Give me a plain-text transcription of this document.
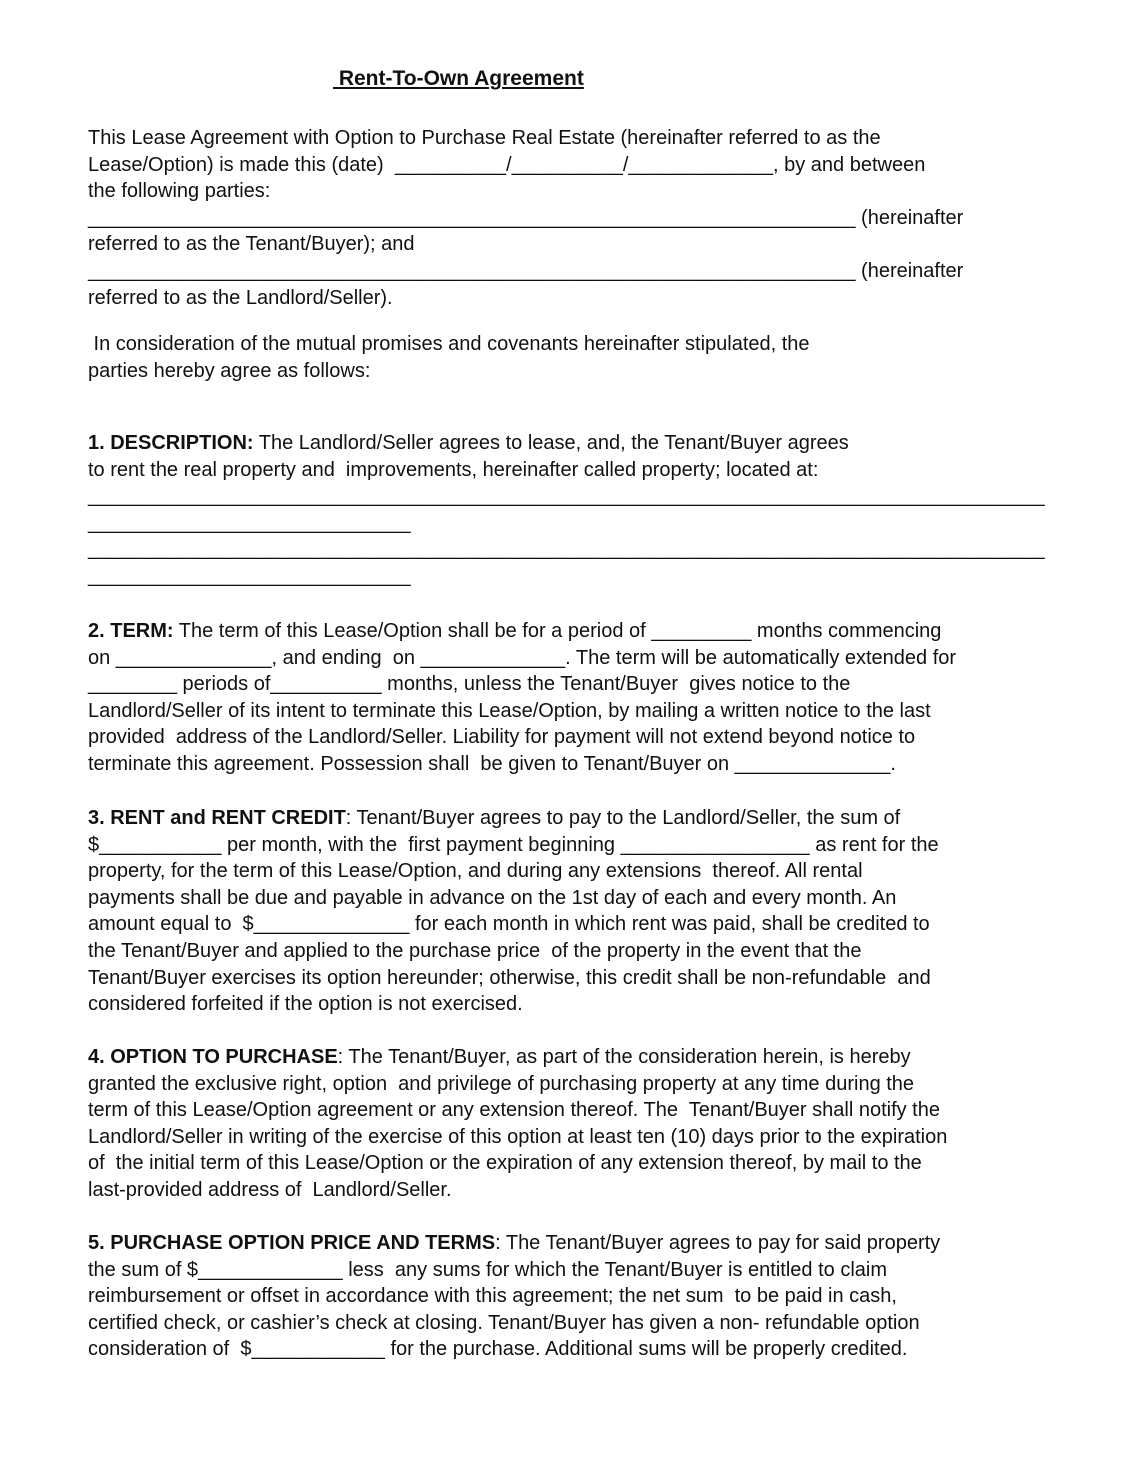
Rent-To-Own Agreement
This Lease Agreement with Option to Purchase Real Estate (hereinafter referred to as the
Lease/Option) is made this (date)  __________/__________/_____________, by and between
the following parties:
_____________________________________________________________________ (hereinafter
referred to as the Tenant/Buyer); and
_____________________________________________________________________ (hereinafter
referred to as the Landlord/Seller).
In consideration of the mutual promises and covenants hereinafter stipulated, the
parties hereby agree as follows:
1. DESCRIPTION: The Landlord/Seller agrees to lease, and, the Tenant/Buyer agrees
to rent the real property and  improvements, hereinafter called property; located at:
______________________________________________________________________________________
_____________________________
______________________________________________________________________________________
_____________________________
2. TERM: The term of this Lease/Option shall be for a period of _________ months commencing
on ______________, and ending  on _____________. The term will be automatically extended for
________ periods of__________ months, unless the Tenant/Buyer  gives notice to the
Landlord/Seller of its intent to terminate this Lease/Option, by mailing a written notice to the last
provided  address of the Landlord/Seller. Liability for payment will not extend beyond notice to
terminate this agreement. Possession shall  be given to Tenant/Buyer on ______________.
3. RENT and RENT CREDIT: Tenant/Buyer agrees to pay to the Landlord/Seller, the sum of
$___________ per month, with the  first payment beginning _________________ as rent for the
property, for the term of this Lease/Option, and during any extensions  thereof. All rental
payments shall be due and payable in advance on the 1st day of each and every month. An
amount equal to  $______________ for each month in which rent was paid, shall be credited to
the Tenant/Buyer and applied to the purchase price  of the property in the event that the
Tenant/Buyer exercises its option hereunder; otherwise, this credit shall be non-refundable  and
considered forfeited if the option is not exercised.
4. OPTION TO PURCHASE: The Tenant/Buyer, as part of the consideration herein, is hereby
granted the exclusive right, option  and privilege of purchasing property at any time during the
term of this Lease/Option agreement or any extension thereof. The  Tenant/Buyer shall notify the
Landlord/Seller in writing of the exercise of this option at least ten (10) days prior to the expiration
of  the initial term of this Lease/Option or the expiration of any extension thereof, by mail to the
last-provided address of  Landlord/Seller.
5. PURCHASE OPTION PRICE AND TERMS: The Tenant/Buyer agrees to pay for said property
the sum of $_____________ less  any sums for which the Tenant/Buyer is entitled to claim
reimbursement or offset in accordance with this agreement; the net sum  to be paid in cash,
certified check, or cashier’s check at closing. Tenant/Buyer has given a non- refundable option
consideration of  $____________ for the purchase. Additional sums will be properly credited.
